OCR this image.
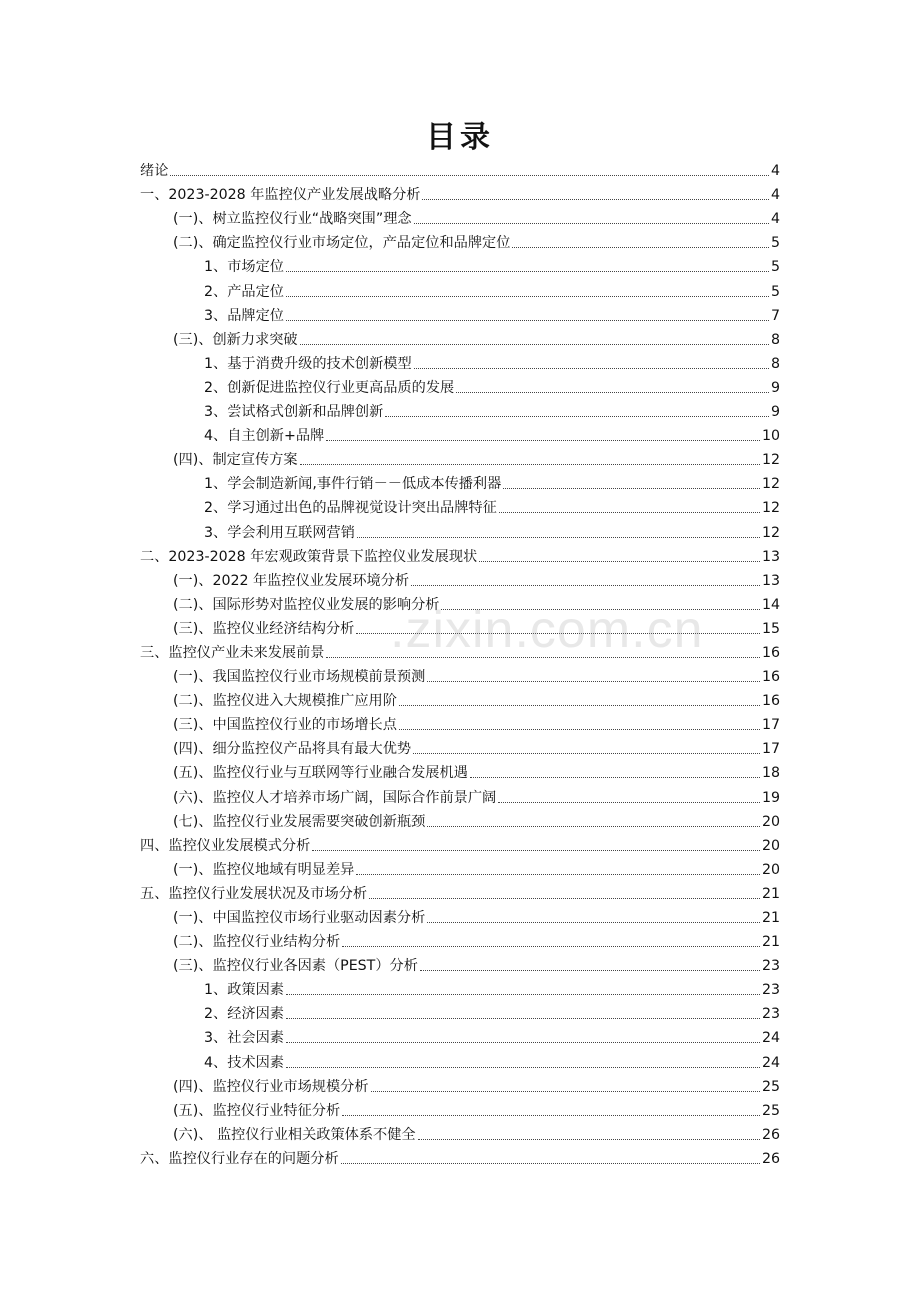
目录
绪论	4
一、2023-2028 年监控仪产业发展战略分析	4
(一)、树立监控仪行业“战略突围”理念	4
(二)、确定监控仪行业市场定位，产品定位和品牌定位	5
1、市场定位	5
2、产品定位	5
3、品牌定位	7
(三)、创新力求突破	8
1、基于消费升级的技术创新模型	8
2、创新促进监控仪行业更高品质的发展	9
3、尝试格式创新和品牌创新	9
4、自主创新+品牌	10
(四)、制定宣传方案	12
1、学会制造新闻,事件行销－－低成本传播利器	12
2、学习通过出色的品牌视觉设计突出品牌特征	12
3、学会利用互联网营销	12
二、2023-2028 年宏观政策背景下监控仪业发展现状	13
(一)、2022 年监控仪业发展环境分析	13
(二)、国际形势对监控仪业发展的影响分析	14
(三)、监控仪业经济结构分析	15
三、监控仪产业未来发展前景	16
(一)、我国监控仪行业市场规模前景预测	16
(二)、监控仪进入大规模推广应用阶	16
(三)、中国监控仪行业的市场增长点	17
(四)、细分监控仪产品将具有最大优势	17
(五)、监控仪行业与互联网等行业融合发展机遇	18
(六)、监控仪人才培养市场广阔，国际合作前景广阔	19
(七)、监控仪行业发展需要突破创新瓶颈	20
四、监控仪业发展模式分析	20
(一)、监控仪地域有明显差异	20
五、监控仪行业发展状况及市场分析	21
(一)、中国监控仪市场行业驱动因素分析	21
(二)、监控仪行业结构分析	21
(三)、监控仪行业各因素（PEST）分析	23
1、政策因素	23
2、经济因素	23
3、社会因素	24
4、技术因素	24
(四)、监控仪行业市场规模分析	25
(五)、监控仪行业特征分析	25
(六)、 监控仪行业相关政策体系不健全	26
六、监控仪行业存在的问题分析	26
.zixin.com.cn
